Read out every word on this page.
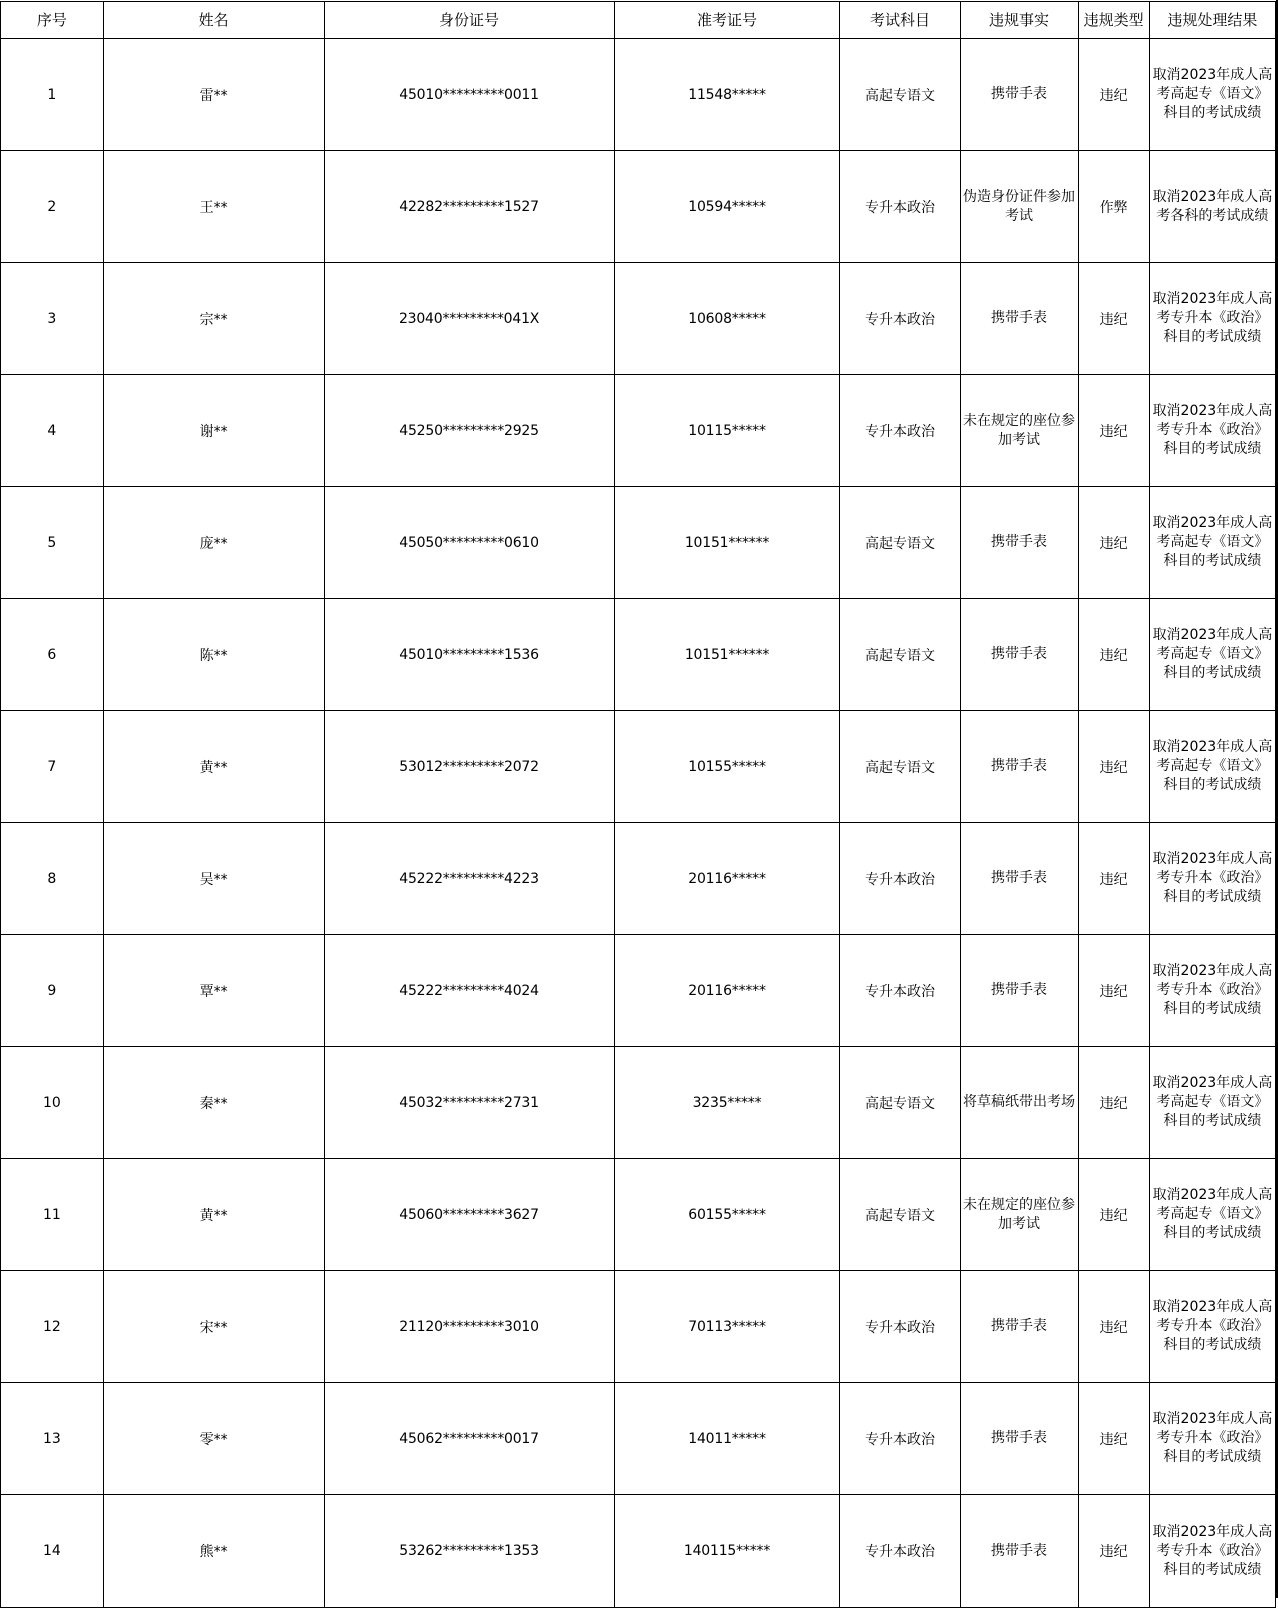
序号	姓名	身份证号	准考证号	考试科目	违规事实	违规类型	违规处理结果
1	雷**	45010*********0011	11548*****	高起专语文	携带手表	违纪	取消2023年成人高考高起专《语文》科目的考试成绩
2	王**	42282*********1527	10594*****	专升本政治	伪造身份证件参加考试	作弊	取消2023年成人高考各科的考试成绩
3	宗**	23040*********041X	10608*****	专升本政治	携带手表	违纪	取消2023年成人高考专升本《政治》科目的考试成绩
4	谢**	45250*********2925	10115*****	专升本政治	未在规定的座位参加考试	违纪	取消2023年成人高考专升本《政治》科目的考试成绩
5	庞**	45050*********0610	10151******	高起专语文	携带手表	违纪	取消2023年成人高考高起专《语文》科目的考试成绩
6	陈**	45010*********1536	10151******	高起专语文	携带手表	违纪	取消2023年成人高考高起专《语文》科目的考试成绩
7	黄**	53012*********2072	10155*****	高起专语文	携带手表	违纪	取消2023年成人高考高起专《语文》科目的考试成绩
8	吴**	45222*********4223	20116*****	专升本政治	携带手表	违纪	取消2023年成人高考专升本《政治》科目的考试成绩
9	覃**	45222*********4024	20116*****	专升本政治	携带手表	违纪	取消2023年成人高考专升本《政治》科目的考试成绩
10	秦**	45032*********2731	3235*****	高起专语文	将草稿纸带出考场	违纪	取消2023年成人高考高起专《语文》科目的考试成绩
11	黄**	45060*********3627	60155*****	高起专语文	未在规定的座位参加考试	违纪	取消2023年成人高考高起专《语文》科目的考试成绩
12	宋**	21120*********3010	70113*****	专升本政治	携带手表	违纪	取消2023年成人高考专升本《政治》科目的考试成绩
13	零**	45062*********0017	14011*****	专升本政治	携带手表	违纪	取消2023年成人高考专升本《政治》科目的考试成绩
14	熊**	53262*********1353	140115*****	专升本政治	携带手表	违纪	取消2023年成人高考专升本《政治》科目的考试成绩
